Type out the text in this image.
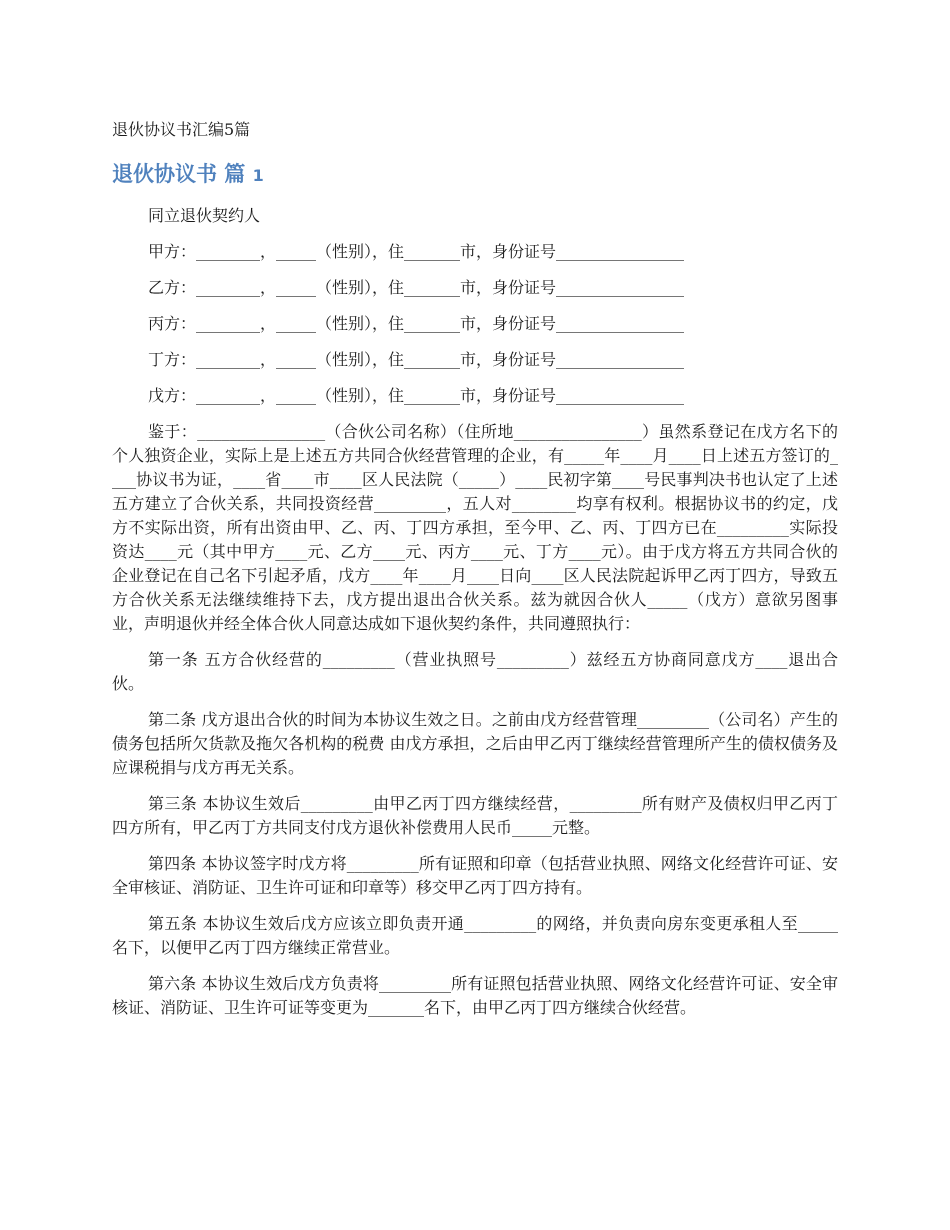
退伙协议书汇编5篇
退伙协议书 篇 1

同立退伙契约人

甲方：________，_____（性别），住_______市，身份证号________________

乙方：________，_____（性别），住_______市，身份证号________________

丙方：________，_____（性别），住_______市，身份证号________________

丁方：________，_____（性别），住_______市，身份证号________________

戊方：________，_____（性别），住_______市，身份证号________________

鉴于：________________（合伙公司名称）（住所地________________）虽然系登记在戊方名下的个人独资企业，实际上是上述五方共同合伙经营管理的企业，有_____年____月____日上述五方签订的____协议书为证，____省____市____区人民法院（_____）____民初字第____号民事判决书也认定了上述五方建立了合伙关系，共同投资经营_________，五人对________均享有权利。根据协议书的约定，戊方不实际出资，所有出资由甲、乙、丙、丁四方承担，至今甲、乙、丙、丁四方已在_________实际投资达____元（其中甲方____元、乙方____元、丙方____元、丁方____元）。由于戊方将五方共同合伙的企业登记在自己名下引起矛盾，戊方____年____月____日向____区人民法院起诉甲乙丙丁四方，导致五方合伙关系无法继续维持下去，戊方提出退出合伙关系。兹为就因合伙人_____（戊方）意欲另图事业，声明退伙并经全体合伙人同意达成如下退伙契约条件，共同遵照执行：

第一条 五方合伙经营的_________（营业执照号_________）兹经五方协商同意戊方____退出合伙。

第二条 戊方退出合伙的时间为本协议生效之日。之前由戊方经营管理_________（公司名）产生的债务包括所欠货款及拖欠各机构的税费 由戊方承担，之后由甲乙丙丁继续经营管理所产生的债权债务及应课税捐与戊方再无关系。

第三条 本协议生效后_________由甲乙丙丁四方继续经营，_________所有财产及债权归甲乙丙丁四方所有，甲乙丙丁方共同支付戊方退伙补偿费用人民币_____元整。

第四条 本协议签字时戊方将_________所有证照和印章（包括营业执照、网络文化经营许可证、安全审核证、消防证、卫生许可证和印章等）移交甲乙丙丁四方持有。

第五条 本协议生效后戊方应该立即负责开通_________的网络，并负责向房东变更承租人至_____名下，以便甲乙丙丁四方继续正常营业。

第六条 本协议生效后戊方负责将_________所有证照包括营业执照、网络文化经营许可证、安全审核证、消防证、卫生许可证等变更为_______名下，由甲乙丙丁四方继续合伙经营。
